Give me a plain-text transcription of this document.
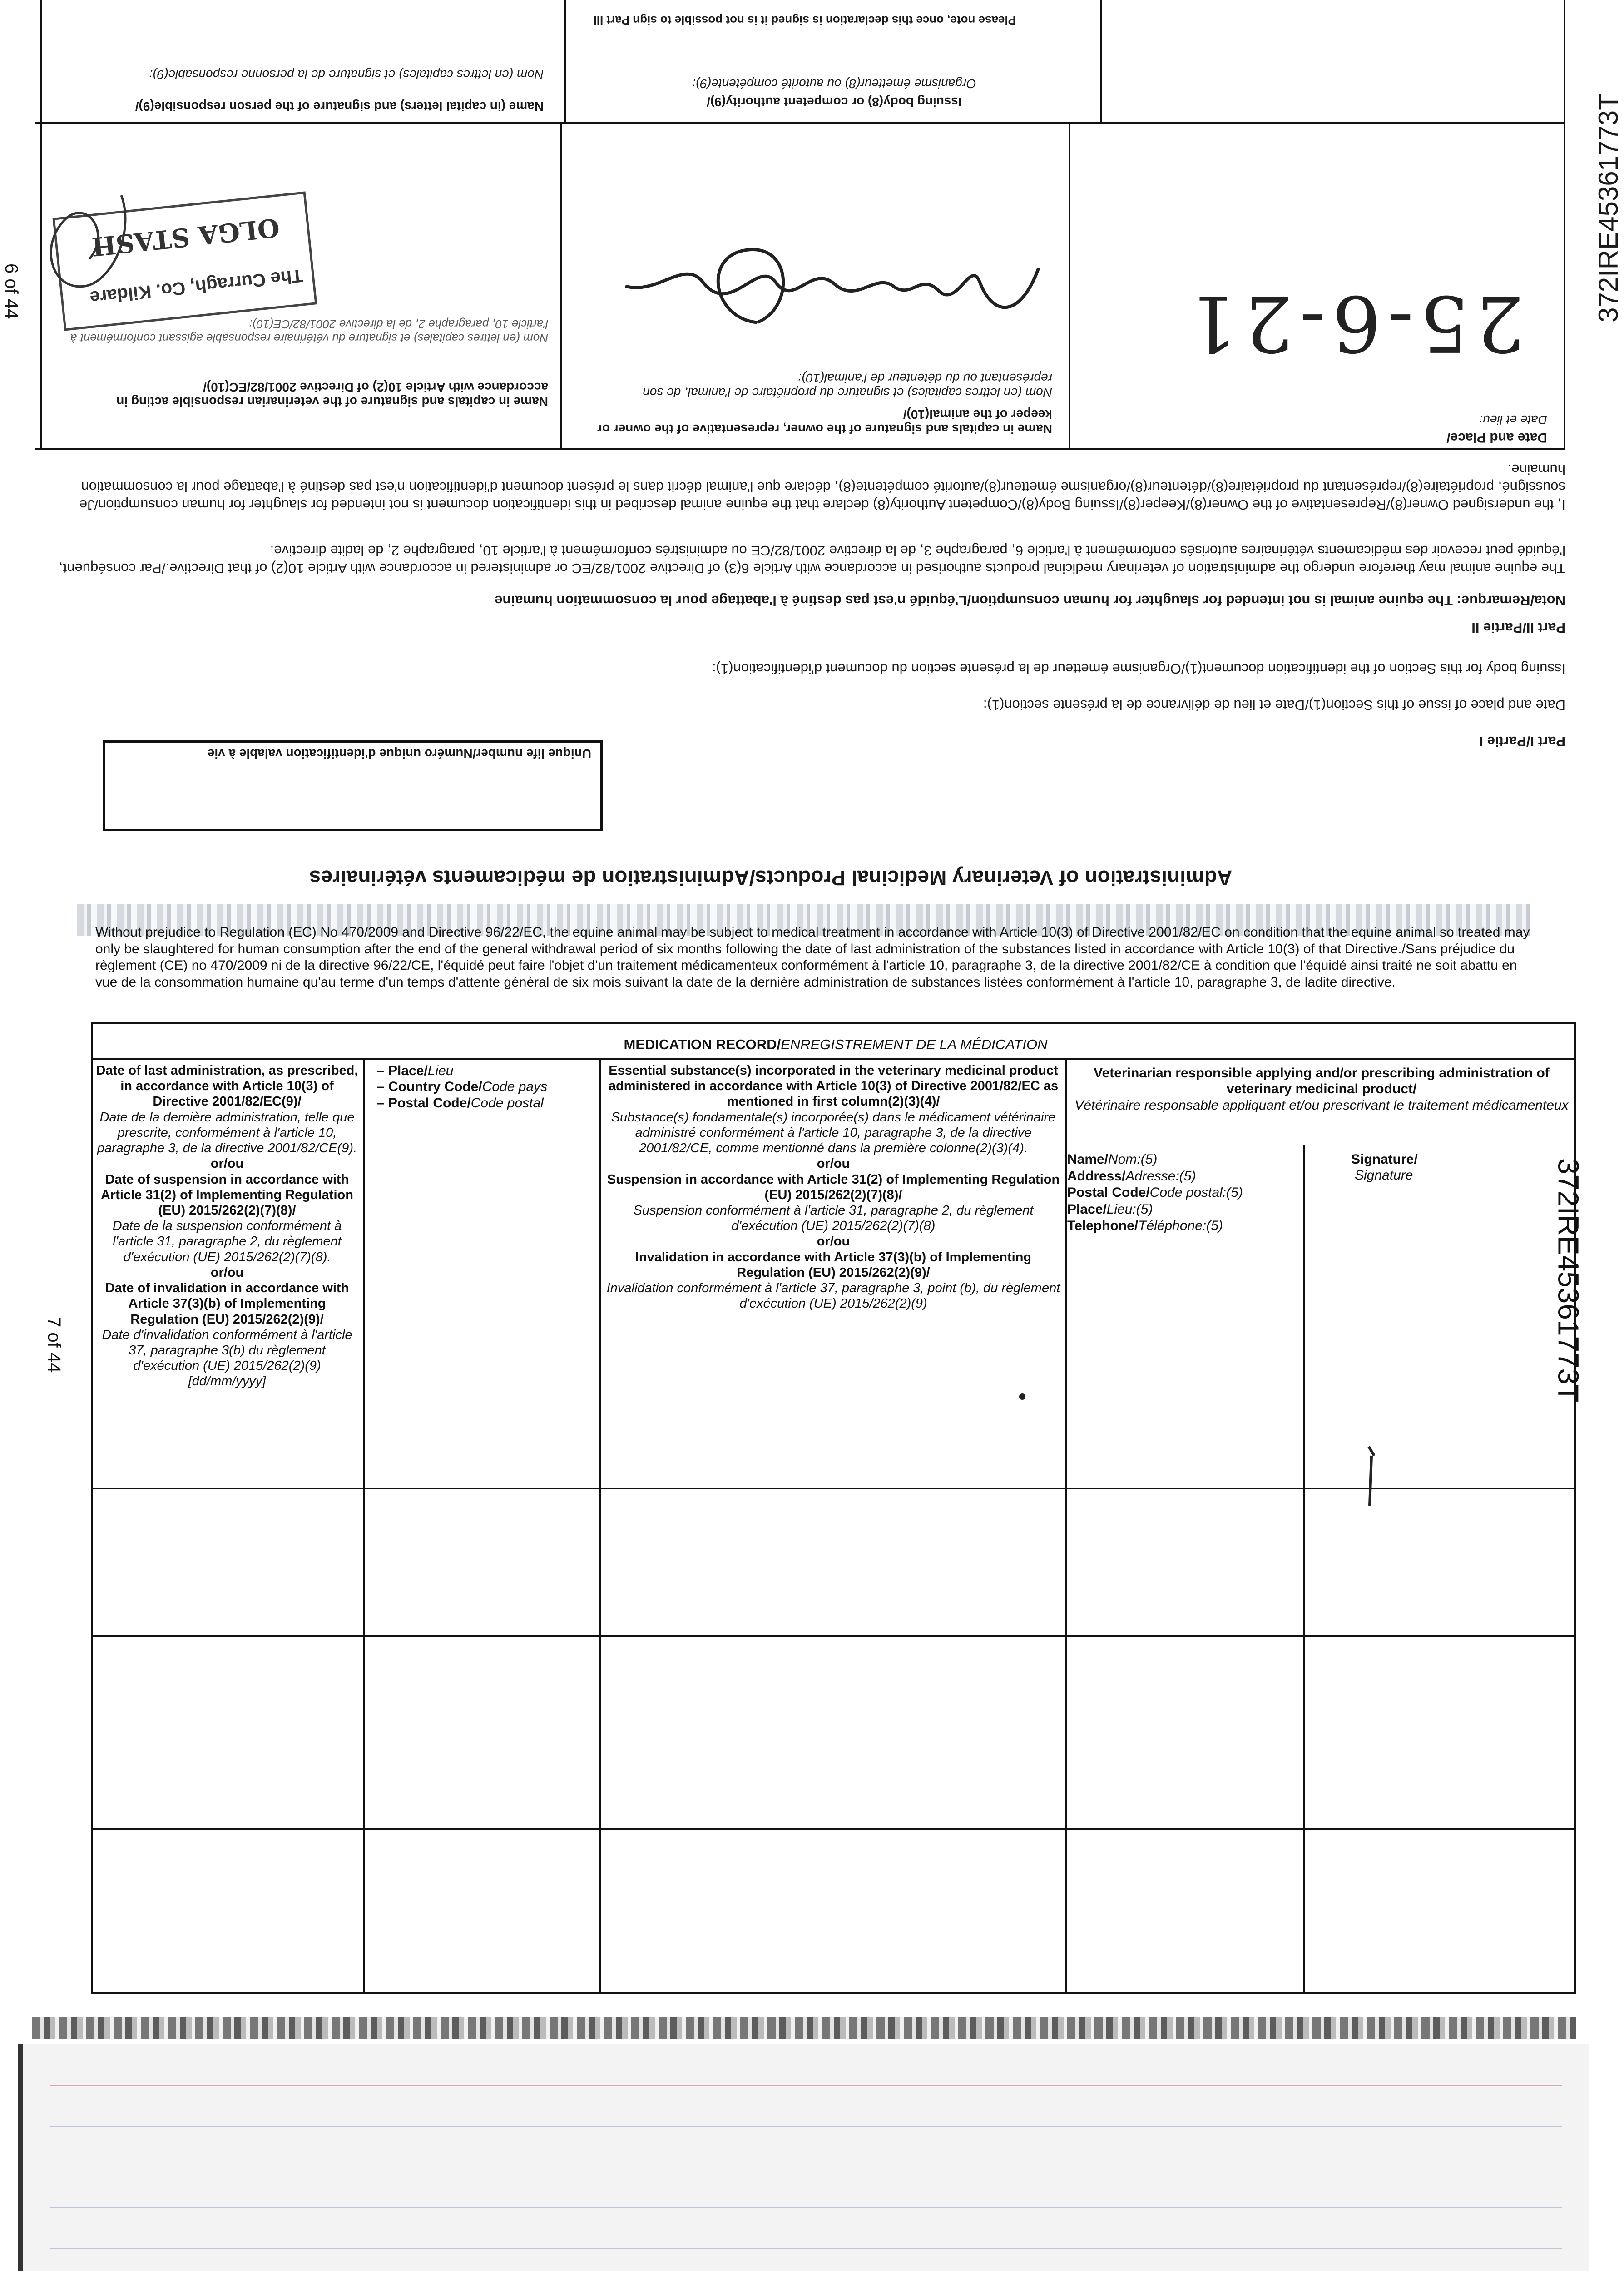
Please note, once this declaration is signed it is not possible to sign Part III
Name (in capital letters) and signature of the person responsible(9)/
Nom (en lettres capitales) et signature de la personne responsable(9):
Issuing body(8) or competent authority(9)/
Organisme émetteur(8) ou autorité compétente(9):
Name in capitals and signature of the veterinarian responsible acting in accordance with Article 10(2) of Directive 2001/82/EC(10)/
Nom (en lettres capitales) et signature du vétérinaire responsable agissant conformément à l'article 10, paragraphe 2, de la directive 2001/82/CE(10):
Name in capitals and signature of the owner, representative of the owner or keeper of the animal(10)/
Nom (en lettres capitales) et signature du propriétaire de l'animal, de son représentant ou du détenteur de l'animal(10):
Date and Place/
Date et lieu:
25-6-21
The Curragh, Co. Kildare
OLGA STASH
I, the undersigned Owner(8)/Representative of the Owner(8)/Keeper(8)/Issuing Body(8)/Competent Authority(8) declare that the equine animal described in this identification document is not intended for slaughter for human consumption/Je soussigné, propriétaire(8)/représentant du propriétaire(8)/détenteur(8)/organisme émetteur(8)/autorité compétente(8), déclare que l'animal décrit dans le présent document d'identification n'est pas destiné à l'abattage pour la consommation humaine.
The equine animal may therefore undergo the administration of veterinary medicinal products authorised in accordance with Article 6(3) of Directive 2001/82/EC or administered in accordance with Article 10(2) of that Directive./Par conséquent, l'équidé peut recevoir des médicaments vétérinaires autorisés conformément à l'article 6, paragraphe 3, de la directive 2001/82/CE ou administrés conformément à l'article 10, paragraphe 2, de ladite directive.
Nota/Remarque: The equine animal is not intended for slaughter for human consumption/L'équidé n'est pas destiné à l'abattage pour la consommation humaine
Part II/Partie II
Issuing body for this Section of the identification document(1)/Organisme émetteur de la présente section du document d'identification(1):
Date and place of issue of this Section(1)/Date et lieu de délivrance de la présente section(1):
Part I/Partie I
Unique life number/Numéro unique d'identification valable à vie
Administration of Veterinary Medicinal Products/Administration de médicaments vétérinaires
6 of 44	372IRE45361773T
Without prejudice to Regulation (EC) No 470/2009 and Directive 96/22/EC, the equine animal may be subject to medical treatment in accordance with Article 10(3) of Directive 2001/82/EC on condition that the equine animal so treated may only be slaughtered for human consumption after the end of the general withdrawal period of six months following the date of last administration of the substances listed in accordance with Article 10(3) of that Directive./Sans préjudice du règlement (CE) no 470/2009 ni de la directive 96/22/CE, l'équidé peut faire l'objet d'un traitement médicamenteux conformément à l'article 10, paragraphe 3, de la directive 2001/82/CE à condition que l'équidé ainsi traité ne soit abattu en vue de la consommation humaine qu'au terme d'un temps d'attente général de six mois suivant la date de la dernière administration de substances listées conformément à l'article 10, paragraphe 3, de ladite directive.
MEDICATION RECORD/ENREGISTREMENT DE LA MÉDICATION
Date of last administration, as prescribed, in accordance with Article 10(3) of Directive 2001/82/EC(9)/
Date de la dernière administration, telle que prescrite, conformément à l'article 10, paragraphe 3, de la directive 2001/82/CE(9).
or/ou
Date of suspension in accordance with Article 31(2) of Implementing Regulation (EU) 2015/262(2)(7)(8)/
Date de la suspension conformément à l'article 31, paragraphe 2, du règlement d'exécution (UE) 2015/262(2)(7)(8).
or/ou
Date of invalidation in accordance with Article 37(3)(b) of Implementing Regulation (EU) 2015/262(2)(9)/
Date d'invalidation conformément à l'article 37, paragraphe 3(b) du règlement d'exécution (UE) 2015/262(2)(9)
[dd/mm/yyyy]
– Place/Lieu
– Country Code/Code pays
– Postal Code/Code postal
Essential substance(s) incorporated in the veterinary medicinal product administered in accordance with Article 10(3) of Directive 2001/82/EC as mentioned in first column(2)(3)(4)/
Substance(s) fondamentale(s) incorporée(s) dans le médicament vétérinaire administré conformément à l'article 10, paragraphe 3, de la directive 2001/82/CE, comme mentionné dans la première colonne(2)(3)(4).
or/ou
Suspension in accordance with Article 31(2) of Implementing Regulation (EU) 2015/262(2)(7)(8)/
Suspension conformément à l'article 31, paragraphe 2, du règlement d'exécution (UE) 2015/262(2)(7)(8)
or/ou
Invalidation in accordance with Article 37(3)(b) of Implementing Regulation (EU) 2015/262(2)(9)/
Invalidation conformément à l'article 37, paragraphe 3, point (b), du règlement d'exécution (UE) 2015/262(2)(9)
Veterinarian responsible applying and/or prescribing administration of veterinary medicinal product/
Vétérinaire responsable appliquant et/ou prescrivant le traitement médicamenteux
Name/Nom:(5)
Address/Adresse:(5)
Postal Code/Code postal:(5)
Place/Lieu:(5)
Telephone/Téléphone:(5)
Signature/
Signature	372IRE45361773T
7 of 44
